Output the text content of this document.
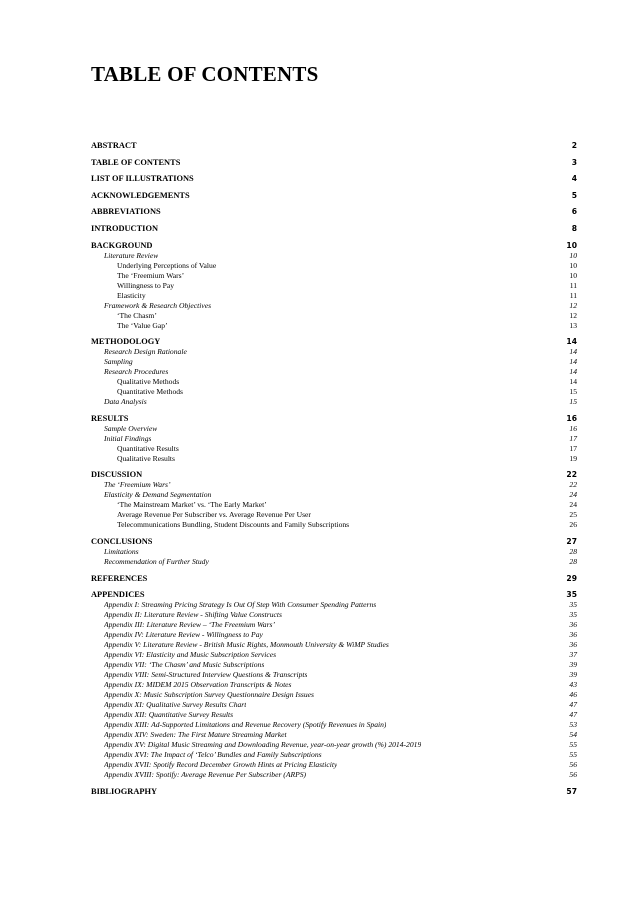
TABLE OF CONTENTS
ABSTRACT	2
TABLE OF CONTENTS	3
LIST OF ILLUSTRATIONS	4
ACKNOWLEDGEMENTS	5
ABBREVIATIONS	6
INTRODUCTION	8
BACKGROUND	10
Literature Review	10
Underlying Perceptions of Value	10
The ‘Freemium Wars’	10
Willingness to Pay	11
Elasticity	11
Framework & Research Objectives	12
‘The Chasm’	12
The ‘Value Gap’	13
METHODOLOGY	14
Research Design Rationale	14
Sampling	14
Research Procedures	14
Qualitative Methods	14
Quantitative Methods	15
Data Analysis	15
RESULTS	16
Sample Overview	16
Initial Findings	17
Quantitative Results	17
Qualitative Results	19
DISCUSSION	22
The ‘Freemium Wars’	22
Elasticity & Demand Segmentation	24
‘The Mainstream Market’ vs. ‘The Early Market’	24
Average Revenue Per Subscriber vs. Average Revenue Per User	25
Telecommunications Bundling, Student Discounts and Family Subscriptions	26
CONCLUSIONS	27
Limitations	28
Recommendation of Further Study	28
REFERENCES	29
APPENDICES	35
Appendix I: Streaming Pricing Strategy Is Out Of Step With Consumer Spending Patterns	35
Appendix II: Literature Review - Shifting Value Constructs	35
Appendix III: Literature Review – ‘The Freemium Wars’	36
Appendix IV: Literature Review - Willingness to Pay	36
Appendix V: Literature Review - British Music Rights, Monmouth University & WiMP Studies	36
Appendix VI: Elasticity and Music Subscription Services	37
Appendix VII: ‘The Chasm’ and Music Subscriptions	39
Appendix VIII: Semi-Structured Interview Questions & Transcripts	39
Appendix IX: MIDEM 2015 Observation Transcripts & Notes	43
Appendix X: Music Subscription Survey Questionnaire Design Issues	46
Appendix XI: Qualitative Survey Results Chart	47
Appendix XII: Quantitative Survey Results	47
Appendix XIII: Ad-Supported Limitations and Revenue Recovery (Spotify Revenues in Spain)	53
Appendix XIV: Sweden: The First Mature Streaming Market	54
Appendix XV: Digital Music Streaming and Downloading Revenue, year-on-year growth (%) 2014-2019	55
Appendix XVI: The Impact of ‘Telco’ Bundles and Family Subscriptions	55
Appendix XVII: Spotify Record December Growth Hints at Pricing Elasticity	56
Appendix XVIII: Spotify: Average Revenue Per Subscriber (ARPS)	56
BIBLIOGRAPHY	57
